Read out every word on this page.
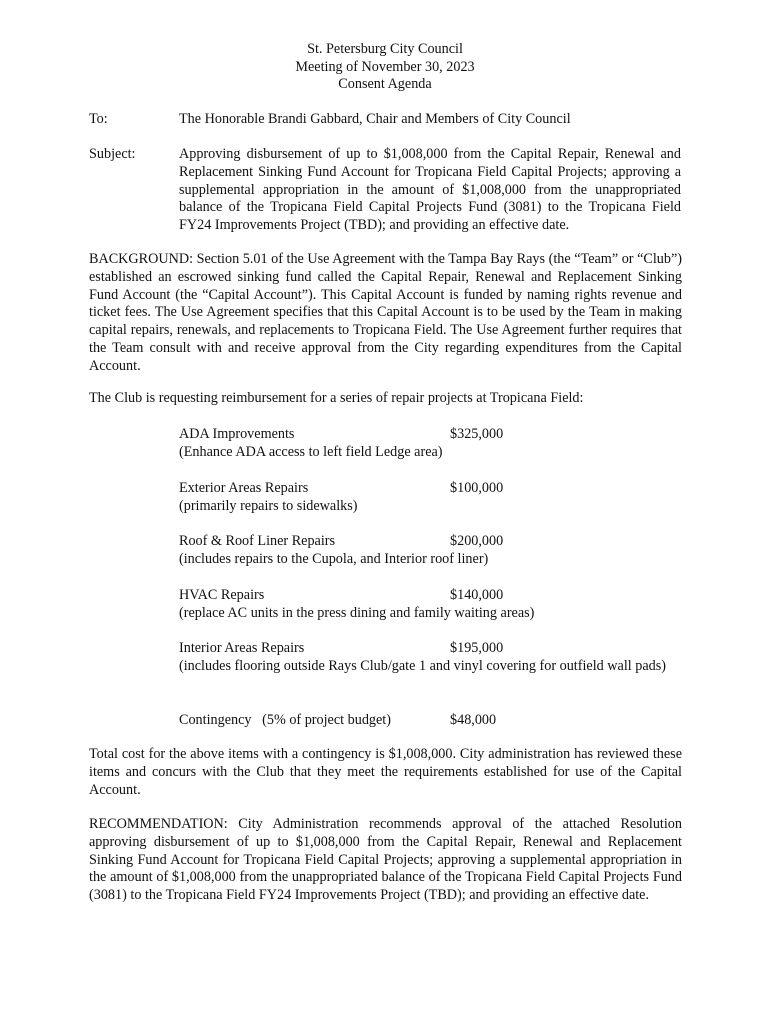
St. Petersburg City Council
Meeting of November 30, 2023
Consent Agenda
To:	The Honorable Brandi Gabbard, Chair and Members of City Council
Subject:	Approving disbursement of up to $1,008,000 from the Capital Repair, Renewal and Replacement Sinking Fund Account for Tropicana Field Capital Projects; approving a supplemental appropriation in the amount of $1,008,000 from the unappropriated balance of the Tropicana Field Capital Projects Fund (3081) to the Tropicana Field FY24 Improvements Project (TBD); and providing an effective date.
BACKGROUND: Section 5.01 of the Use Agreement with the Tampa Bay Rays (the “Team” or “Club”) established an escrowed sinking fund called the Capital Repair, Renewal and Replacement Sinking Fund Account (the “Capital Account”). This Capital Account is funded by naming rights revenue and ticket fees. The Use Agreement specifies that this Capital Account is to be used by the Team in making capital repairs, renewals, and replacements to Tropicana Field. The Use Agreement further requires that the Team consult with and receive approval from the City regarding expenditures from the Capital Account.
The Club is requesting reimbursement for a series of repair projects at Tropicana Field:
ADA Improvements	$325,000
(Enhance ADA access to left field Ledge area)
Exterior Areas Repairs	$100,000
(primarily repairs to sidewalks)
Roof & Roof Liner Repairs	$200,000
(includes repairs to the Cupola, and Interior roof liner)
HVAC Repairs	$140,000
(replace AC units in the press dining and family waiting areas)
Interior Areas Repairs	$195,000
(includes flooring outside Rays Club/gate 1 and vinyl covering for outfield wall pads)
Contingency   (5% of project budget)	$48,000
Total cost for the above items with a contingency is $1,008,000. City administration has reviewed these items and concurs with the Club that they meet the requirements established for use of the Capital Account.
RECOMMENDATION: City Administration recommends approval of the attached Resolution approving disbursement of up to $1,008,000 from the Capital Repair, Renewal and Replacement Sinking Fund Account for Tropicana Field Capital Projects; approving a supplemental appropriation in the amount of $1,008,000 from the unappropriated balance of the Tropicana Field Capital Projects Fund (3081) to the Tropicana Field FY24 Improvements Project (TBD); and providing an effective date.
